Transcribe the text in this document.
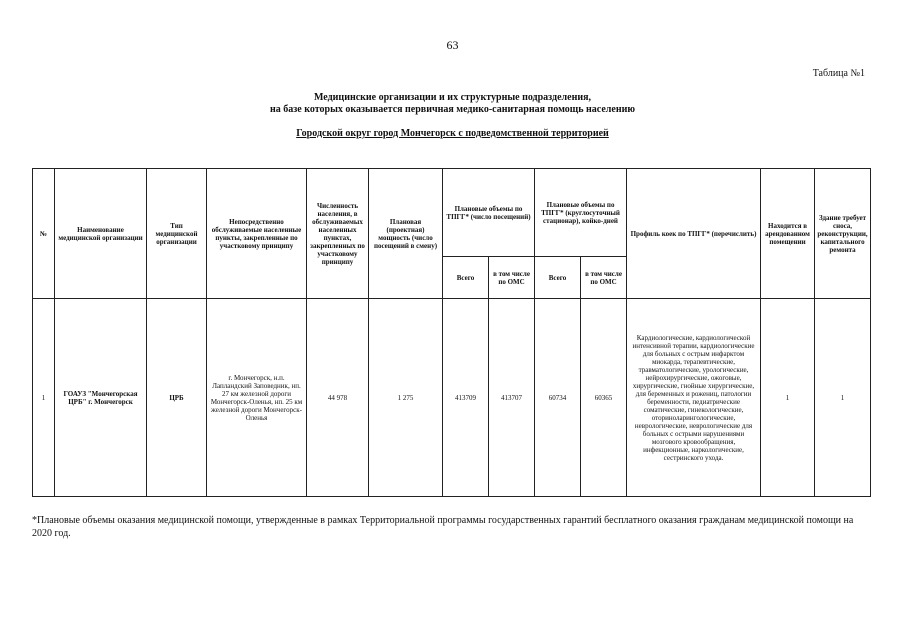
63
Таблица №1
Медицинские организации и их структурные подразделения,
на базе которых оказывается первичная медико-санитарная помощь населению
Городской округ город Мончегорск с подведомственной территорией
№	Наименование медицинской организации	Тип медицинской организации	Непосредственно обслуживаемые населенные пункты, закрепленные по участковому принципу	Численность населения, в обслуживаемых населенных пунктах, закрепленных по участковому принципу	Плановая (проектная) мощность (число посещений в смену)	Плановые объемы по ТПГГ* (число посещений)		Плановые объемы по ТПГГ* (круглосуточный стационар), койко-дней		Профиль коек по ТПГГ* (перечислить)	Находится в арендованном помещении	Здание требует сноса, реконструкции, капитального ремонта
						Всего	в том числе по ОМС	Всего	в том числе по ОМС			
1	ГОАУЗ "Мончегорская ЦРБ" г. Мончегорск	ЦРБ	г. Мончегорск, н.п. Лапландский Заповедник, нп. 27 км железной дороги Мончегорск-Оленья, нп. 25 км железной дороги Мончегорск-Оленья	44 978	1 275	413709	413707	60734	60365	Кардиологические, кардиологической интенсивной терапии, кардиологические для больных с острым инфарктом миокарда, терапевтические, травматологические, урологические, нейрохирургические, ожоговые, хирургические, гнойные хирургические, для беременных и рожениц, патологии беременности, педиатрические соматические, гинекологические, оториноларингологические, неврологические, неврологические для больных с острыми нарушениями мозгового кровообращения, инфекционные, наркологические, сестринского ухода.	1	1
*Плановые объемы оказания медицинской помощи, утвержденные в рамках Территориальной программы государственных гарантий бесплатного оказания гражданам медицинской помощи на 2020 год.
